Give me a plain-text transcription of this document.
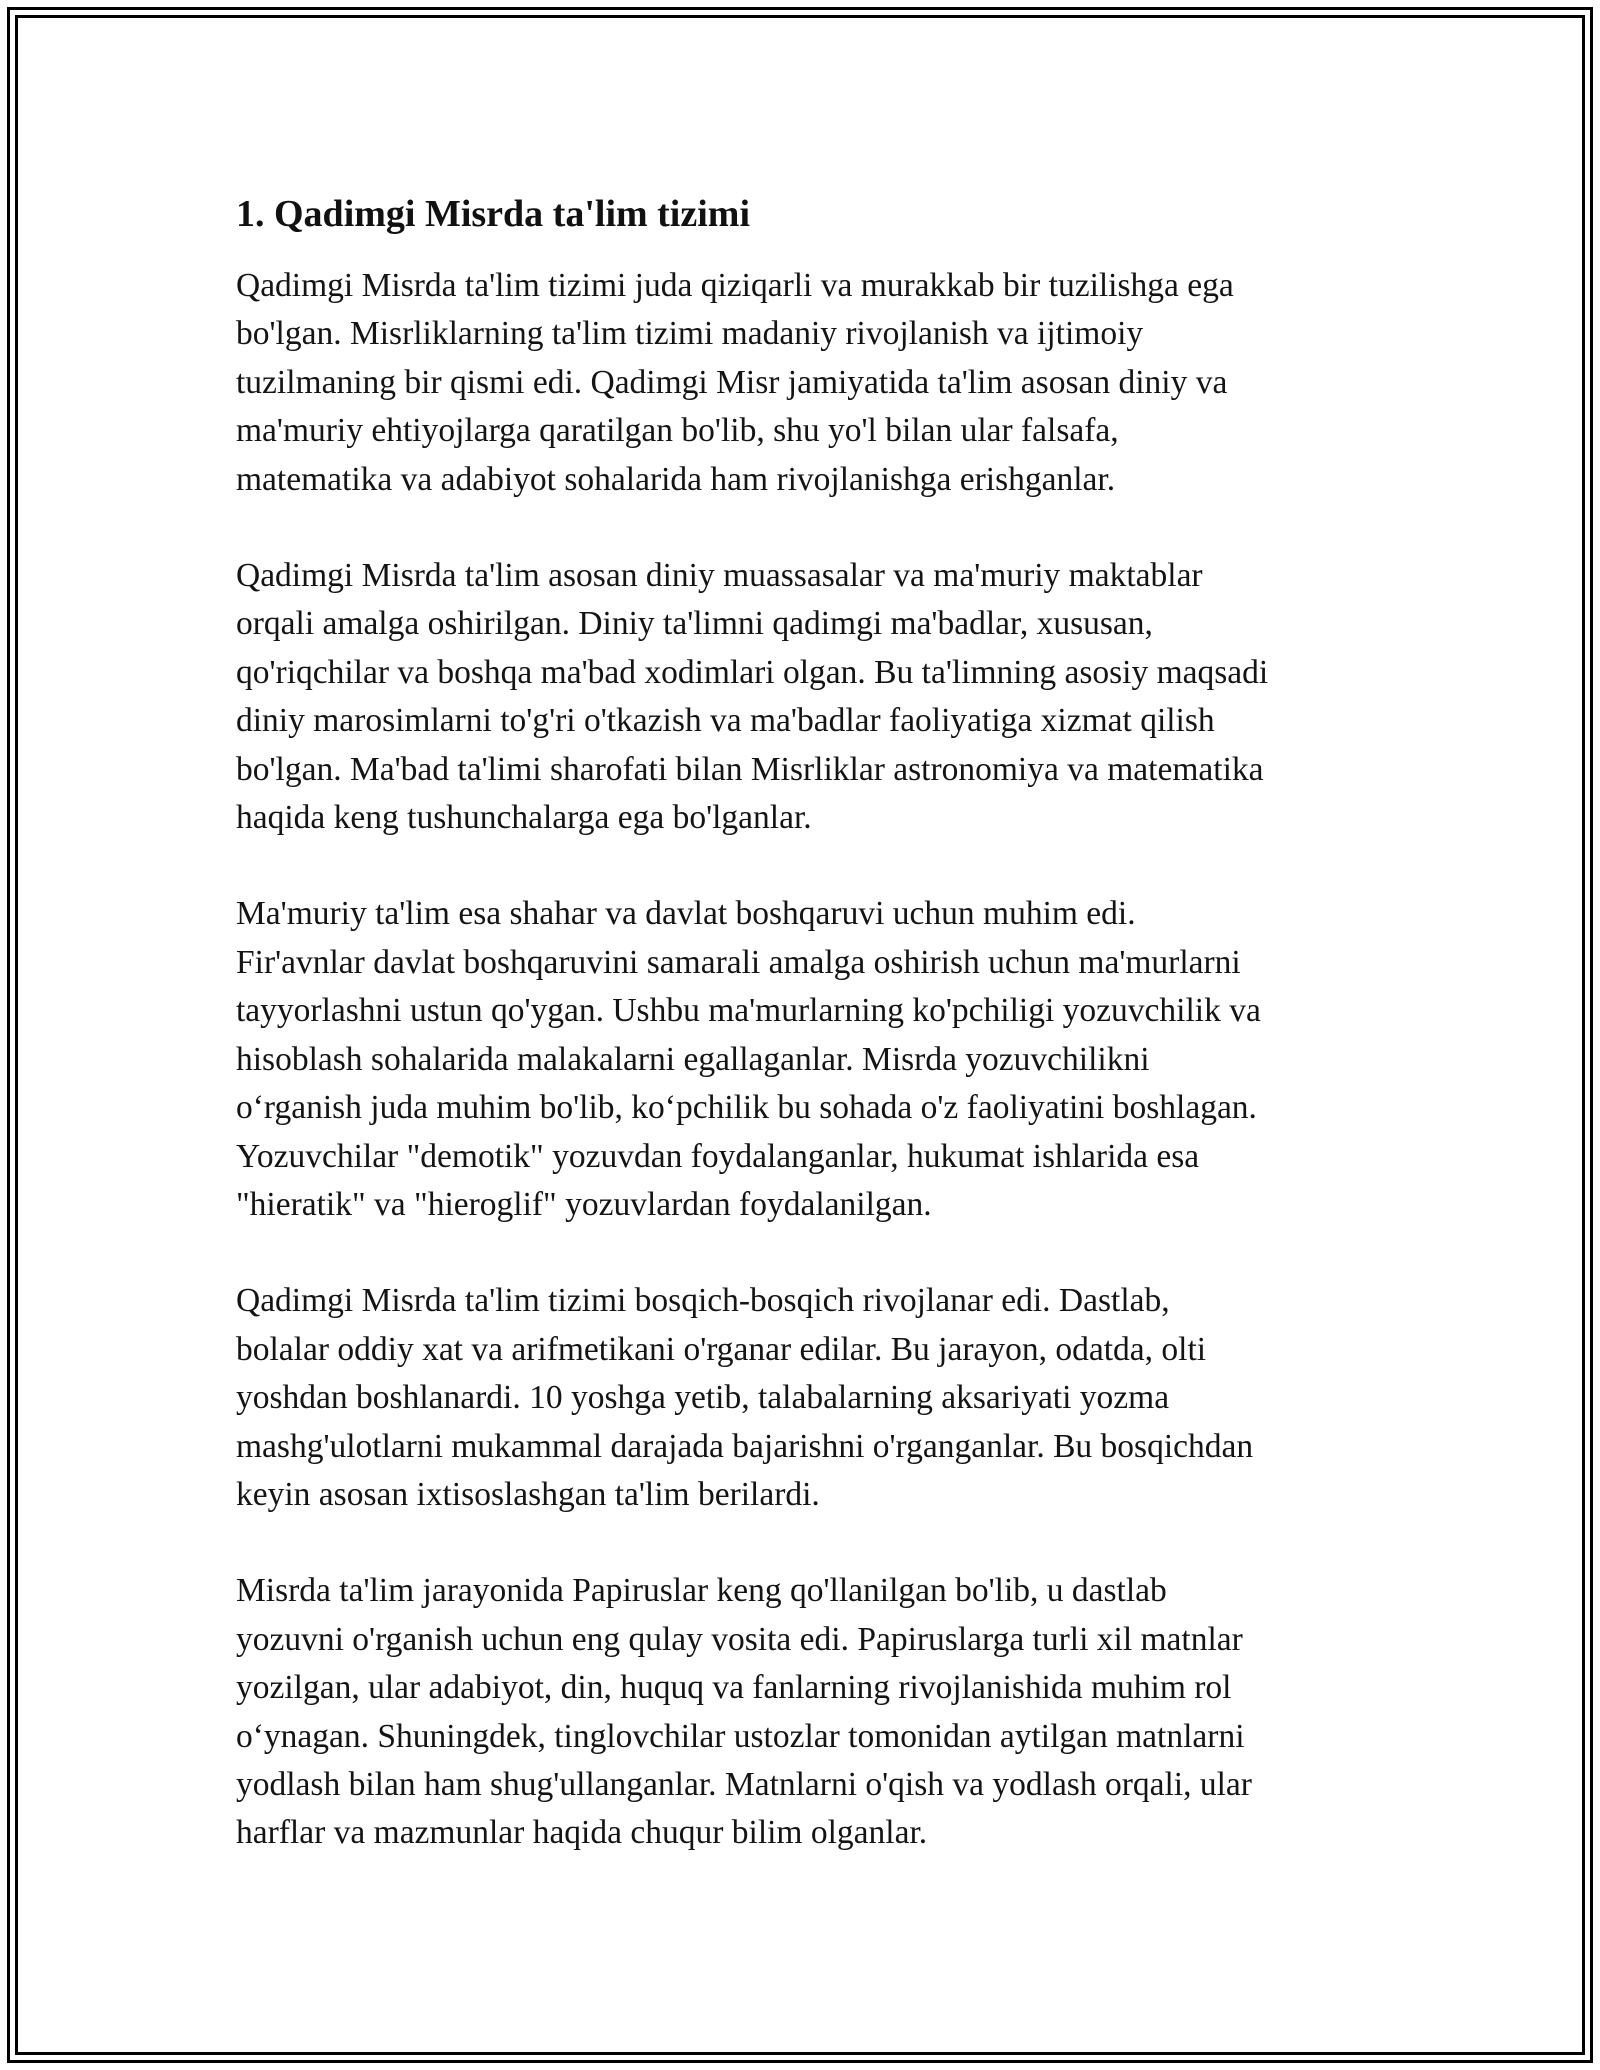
1. Qadimgi Misrda ta'lim tizimi

Qadimgi Misrda ta'lim tizimi juda qiziqarli va murakkab bir tuzilishga ega
bo'lgan. Misrliklarning ta'lim tizimi madaniy rivojlanish va ijtimoiy
tuzilmaning bir qismi edi. Qadimgi Misr jamiyatida ta'lim asosan diniy va
ma'muriy ehtiyojlarga qaratilgan bo'lib, shu yo'l bilan ular falsafa,
matematika va adabiyot sohalarida ham rivojlanishga erishganlar.

Qadimgi Misrda ta'lim asosan diniy muassasalar va ma'muriy maktablar
orqali amalga oshirilgan. Diniy ta'limni qadimgi ma'badlar, xususan,
qo'riqchilar va boshqa ma'bad xodimlari olgan. Bu ta'limning asosiy maqsadi
diniy marosimlarni to'g'ri o'tkazish va ma'badlar faoliyatiga xizmat qilish
bo'lgan. Ma'bad ta'limi sharofati bilan Misrliklar astronomiya va matematika
haqida keng tushunchalarga ega bo'lganlar.

Ma'muriy ta'lim esa shahar va davlat boshqaruvi uchun muhim edi.
Fir'avnlar davlat boshqaruvini samarali amalga oshirish uchun ma'murlarni
tayyorlashni ustun qo'ygan. Ushbu ma'murlarning ko'pchiligi yozuvchilik va
hisoblash sohalarida malakalarni egallaganlar. Misrda yozuvchilikni
o‘rganish juda muhim bo'lib, ko‘pchilik bu sohada o'z faoliyatini boshlagan.
Yozuvchilar "demotik" yozuvdan foydalanganlar, hukumat ishlarida esa
"hieratik" va "hieroglif" yozuvlardan foydalanilgan.

Qadimgi Misrda ta'lim tizimi bosqich-bosqich rivojlanar edi. Dastlab,
bolalar oddiy xat va arifmetikani o'rganar edilar. Bu jarayon, odatda, olti
yoshdan boshlanardi. 10 yoshga yetib, talabalarning aksariyati yozma
mashg'ulotlarni mukammal darajada bajarishni o'rganganlar. Bu bosqichdan
keyin asosan ixtisoslashgan ta'lim berilardi.

Misrda ta'lim jarayonida Papiruslar keng qo'llanilgan bo'lib, u dastlab
yozuvni o'rganish uchun eng qulay vosita edi. Papiruslarga turli xil matnlar
yozilgan, ular adabiyot, din, huquq va fanlarning rivojlanishida muhim rol
o‘ynagan. Shuningdek, tinglovchilar ustozlar tomonidan aytilgan matnlarni
yodlash bilan ham shug'ullanganlar. Matnlarni o'qish va yodlash orqali, ular
harflar va mazmunlar haqida chuqur bilim olganlar.
